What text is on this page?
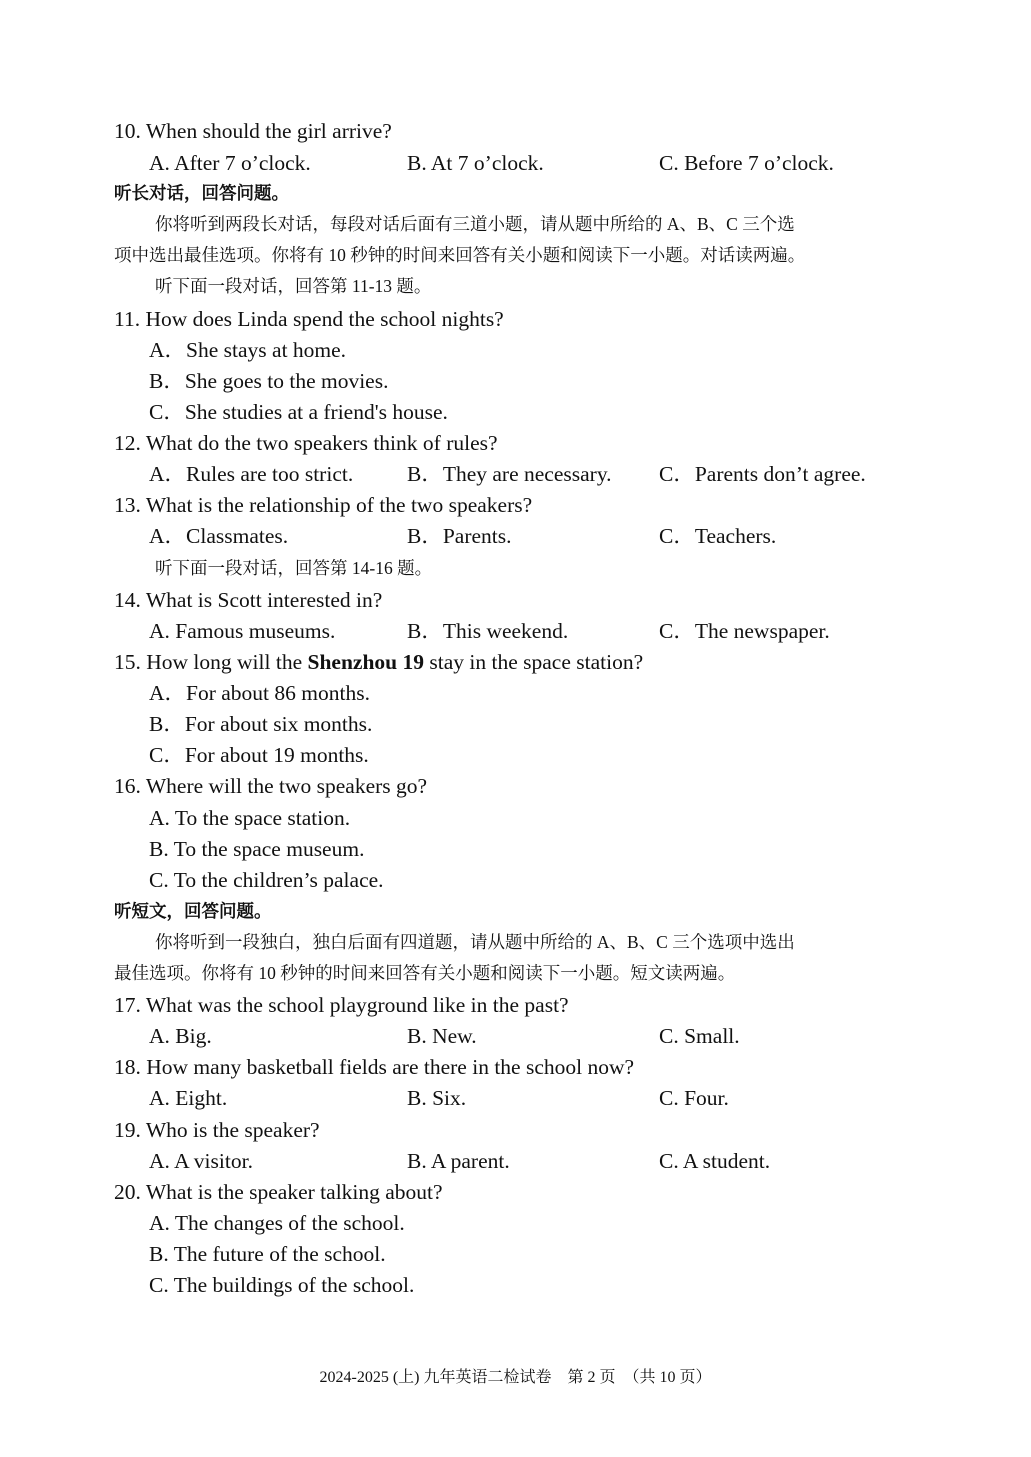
10. When should the girl arrive?
A. After 7 o’clock.	B. At 7 o’clock.	C. Before 7 o’clock.
听长对话，回答问题。
你将听到两段长对话，每段对话后面有三道小题，请从题中所给的 A、B、C 三个选
项中选出最佳选项。你将有 10 秒钟的时间来回答有关小题和阅读下一小题。对话读两遍。
听下面一段对话，回答第 11-13 题。
11. How does Linda spend the school nights?
A．She stays at home.
B．She goes to the movies.
C．She studies at a friend's house.
12. What do the two speakers think of rules?
A．Rules are too strict.	B．They are necessary. C．Parents don’t agree.
13. What is the relationship of the two speakers?
A．Classmates.	B．Parents.	C．Teachers.
听下面一段对话，回答第 14-16 题。
14. What is Scott interested in?
A. Famous museums.	B．This weekend.	C．The newspaper.
15. How long will the Shenzhou 19 stay in the space station?
A．For about 86 months.
B．For about six months.
C．For about 19 months.
16. Where will the two speakers go?
A. To the space station.
B. To the space museum.
C. To the children’s palace.
听短文，回答问题。
你将听到一段独白，独白后面有四道题，请从题中所给的 A、B、C 三个选项中选出
最佳选项。你将有 10 秒钟的时间来回答有关小题和阅读下一小题。短文读两遍。
17. What was the school playground like in the past?
A. Big.	B. New.	C. Small.
18. How many basketball fields are there in the school now?
A. Eight.	B. Six.	C. Four.
19. Who is the speaker?
A. A visitor.	B. A parent.	C. A student.
20. What is the speaker talking about?
A. The changes of the school.
B. The future of the school.
C. The buildings of the school.
2024-2025 (上) 九年英语二检试卷　第 2 页　（共 10 页）
